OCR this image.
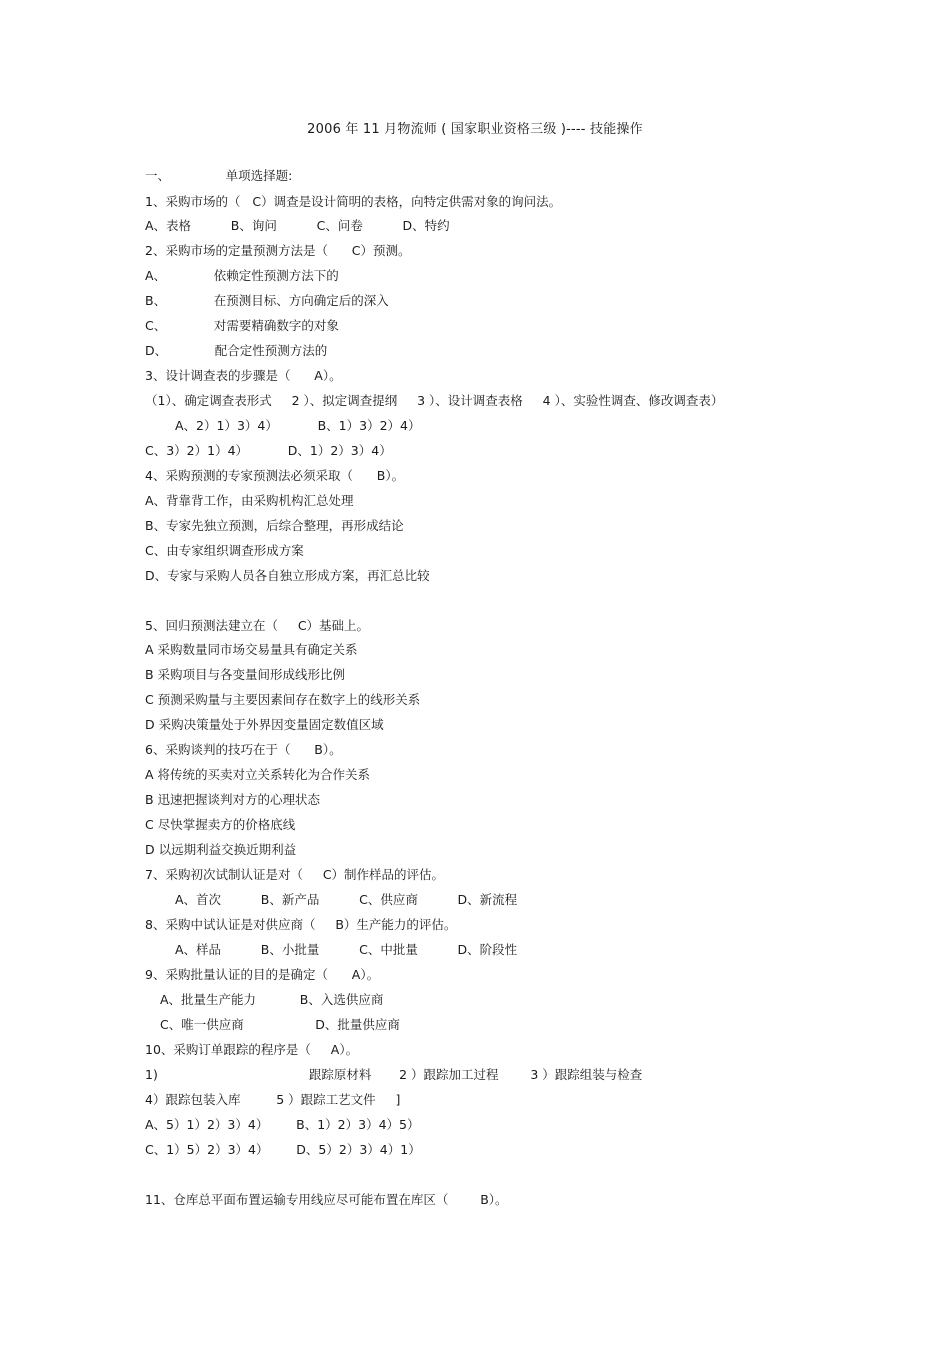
2006 年 11 月物流师 ( 国家职业资格三级 )---- 技能操作
一、              单项选择题:
1、采购市场的（   C）调查是设计简明的表格，向特定供需对象的询问法。
A、表格          B、询问          C、问卷          D、特约
2、采购市场的定量预测方法是（      C）预测。
A、            依赖定性预测方法下的
B、            在预测目标、方向确定后的深入
C、            对需要精确数字的对象
D、            配合定性预测方法的
3、设计调查表的步骤是（      A）。
（1）、确定调查表形式     2 ）、拟定调查提纲     3 ）、设计调查表格     4 ）、实验性调查、修改调查表）
A、2）1）3）4）          B、1）3）2）4）
C、3）2）1）4）          D、1）2）3）4）
4、采购预测的专家预测法必须采取（      B）。
A、背靠背工作，由采购机构汇总处理
B、专家先独立预测，后综合整理，再形成结论
C、由专家组织调查形成方案
D、专家与采购人员各自独立形成方案，再汇总比较
5、回归预测法建立在（     C）基础上。
A 采购数量同市场交易量具有确定关系
B 采购项目与各变量间形成线形比例
C 预测采购量与主要因素间存在数字上的线形关系
D 采购决策量处于外界因变量固定数值区域
6、采购谈判的技巧在于（      B）。
A 将传统的买卖对立关系转化为合作关系
B 迅速把握谈判对方的心理状态
C 尽快掌握卖方的价格底线
D 以远期利益交换近期利益
7、采购初次试制认证是对（     C）制作样品的评估。
A、首次          B、新产品          C、供应商          D、新流程
8、采购中试认证是对供应商（     B）生产能力的评估。
A、样品          B、小批量          C、中批量          D、阶段性
9、采购批量认证的目的是确定（      A）。
A、批量生产能力           B、入选供应商
C、唯一供应商                  D、批量供应商
10、采购订单跟踪的程序是（     A）。
1)                                      跟踪原材料       2 ）跟踪加工过程        3 ）跟踪组装与检查
4）跟踪包装入库         5 ）跟踪工艺文件     ]
A、5）1）2）3）4）       B、1）2）3）4）5）
C、1）5）2）3）4）       D、5）2）3）4）1）
11、仓库总平面布置运输专用线应尽可能布置在库区（        B）。
